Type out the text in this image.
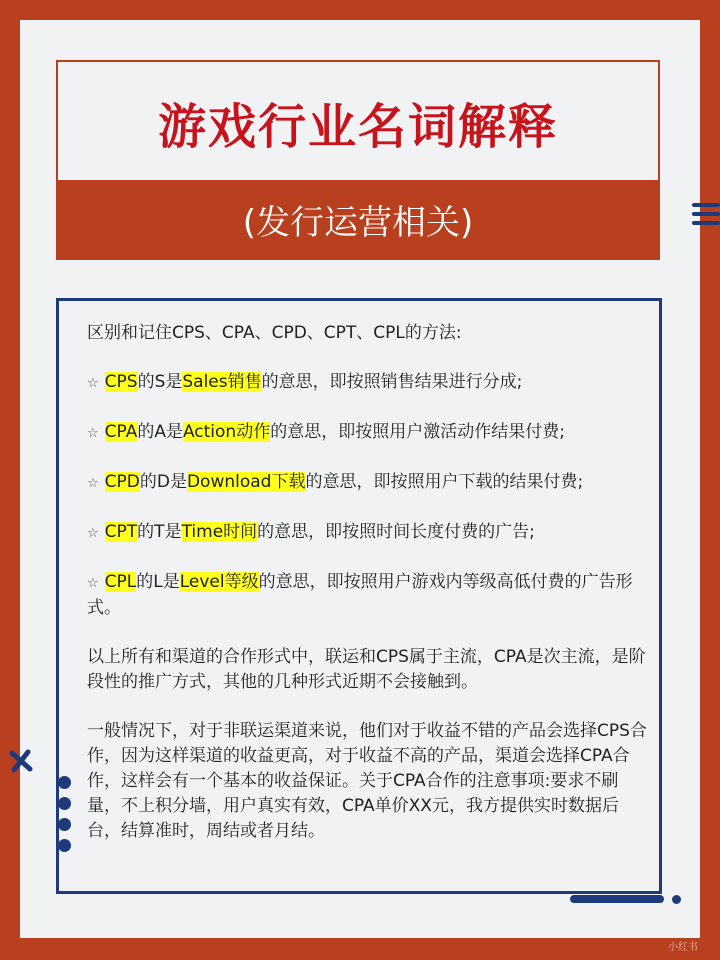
游戏行业名词解释
(发行运营相关)

区别和记住CPS、CPA、CPD、CPT、CPL的方法:

☆ CPS的S是Sales销售的意思，即按照销售结果进行分成;

☆ CPA的A是Action动作的意思，即按照用户激活动作结果付费;

☆ CPD的D是Download下载的意思，即按照用户下载的结果付费;

☆ CPT的T是Time时间的意思，即按照时间长度付费的广告;

☆ CPL的L是Level等级的意思，即按照用户游戏内等级高低付费的广告形式。

以上所有和渠道的合作形式中，联运和CPS属于主流，CPA是次主流，是阶段性的推广方式，其他的几种形式近期不会接触到。

一般情况下，对于非联运渠道来说，他们对于收益不错的产品会选择CPS合作，因为这样渠道的收益更高，对于收益不高的产品，渠道会选择CPA合作，这样会有一个基本的收益保证。关于CPA合作的注意事项:要求不刷量，不上积分墙，用户真实有效，CPA单价XX元，我方提供实时数据后台，结算准时，周结或者月结。

小红书
